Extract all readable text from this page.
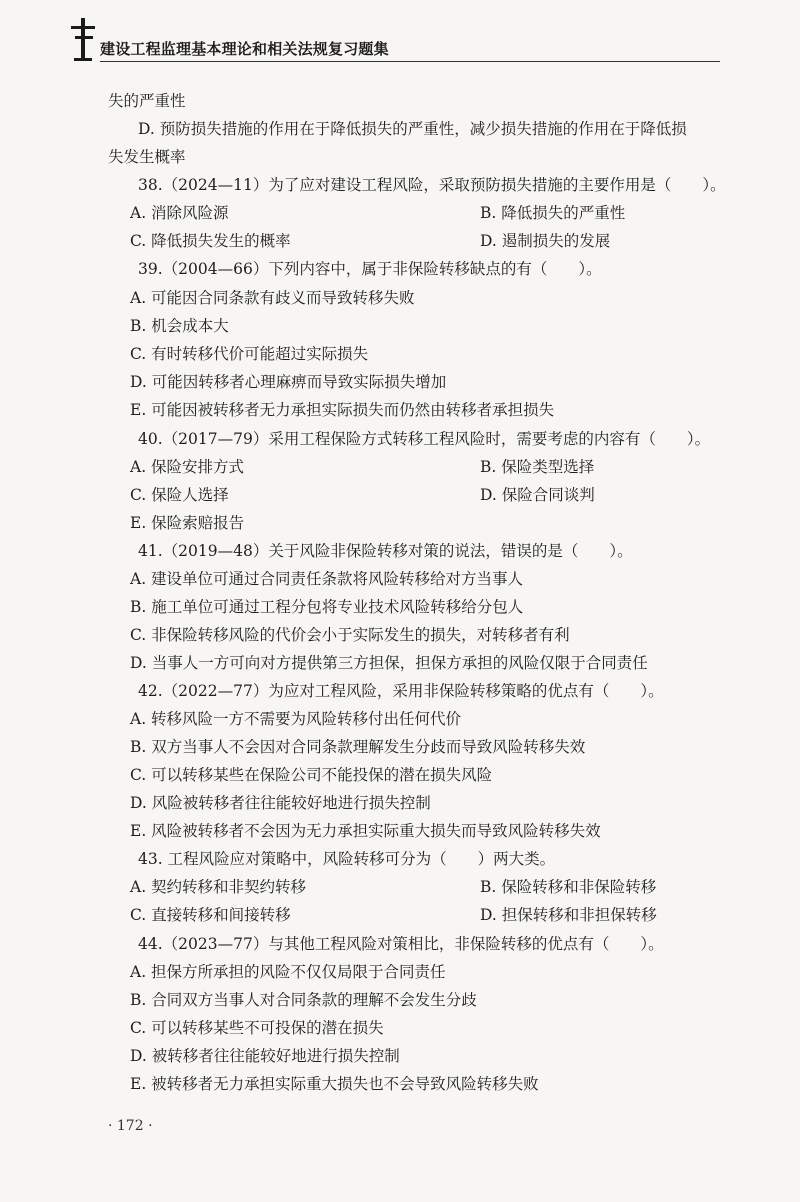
建设工程监理基本理论和相关法规复习题集
失的严重性
D. 预防损失措施的作用在于降低损失的严重性，减少损失措施的作用在于降低损
失发生概率
38.（2024—11）为了应对建设工程风险，采取预防损失措施的主要作用是（　　）。
A. 消除风险源	B. 降低损失的严重性
C. 降低损失发生的概率	D. 遏制损失的发展
39.（2004—66）下列内容中，属于非保险转移缺点的有（　　）。
A. 可能因合同条款有歧义而导致转移失败
B. 机会成本大
C. 有时转移代价可能超过实际损失
D. 可能因转移者心理麻痹而导致实际损失增加
E. 可能因被转移者无力承担实际损失而仍然由转移者承担损失
40.（2017—79）采用工程保险方式转移工程风险时，需要考虑的内容有（　　）。
A. 保险安排方式	B. 保险类型选择
C. 保险人选择	D. 保险合同谈判
E. 保险索赔报告
41.（2019—48）关于风险非保险转移对策的说法，错误的是（　　）。
A. 建设单位可通过合同责任条款将风险转移给对方当事人
B. 施工单位可通过工程分包将专业技术风险转移给分包人
C. 非保险转移风险的代价会小于实际发生的损失，对转移者有利
D. 当事人一方可向对方提供第三方担保，担保方承担的风险仅限于合同责任
42.（2022—77）为应对工程风险，采用非保险转移策略的优点有（　　）。
A. 转移风险一方不需要为风险转移付出任何代价
B. 双方当事人不会因对合同条款理解发生分歧而导致风险转移失效
C. 可以转移某些在保险公司不能投保的潜在损失风险
D. 风险被转移者往往能较好地进行损失控制
E. 风险被转移者不会因为无力承担实际重大损失而导致风险转移失效
43. 工程风险应对策略中，风险转移可分为（　　）两大类。
A. 契约转移和非契约转移	B. 保险转移和非保险转移
C. 直接转移和间接转移	D. 担保转移和非担保转移
44.（2023—77）与其他工程风险对策相比，非保险转移的优点有（　　）。
A. 担保方所承担的风险不仅仅局限于合同责任
B. 合同双方当事人对合同条款的理解不会发生分歧
C. 可以转移某些不可投保的潜在损失
D. 被转移者往往能较好地进行损失控制
E. 被转移者无力承担实际重大损失也不会导致风险转移失败
· 172 ·
